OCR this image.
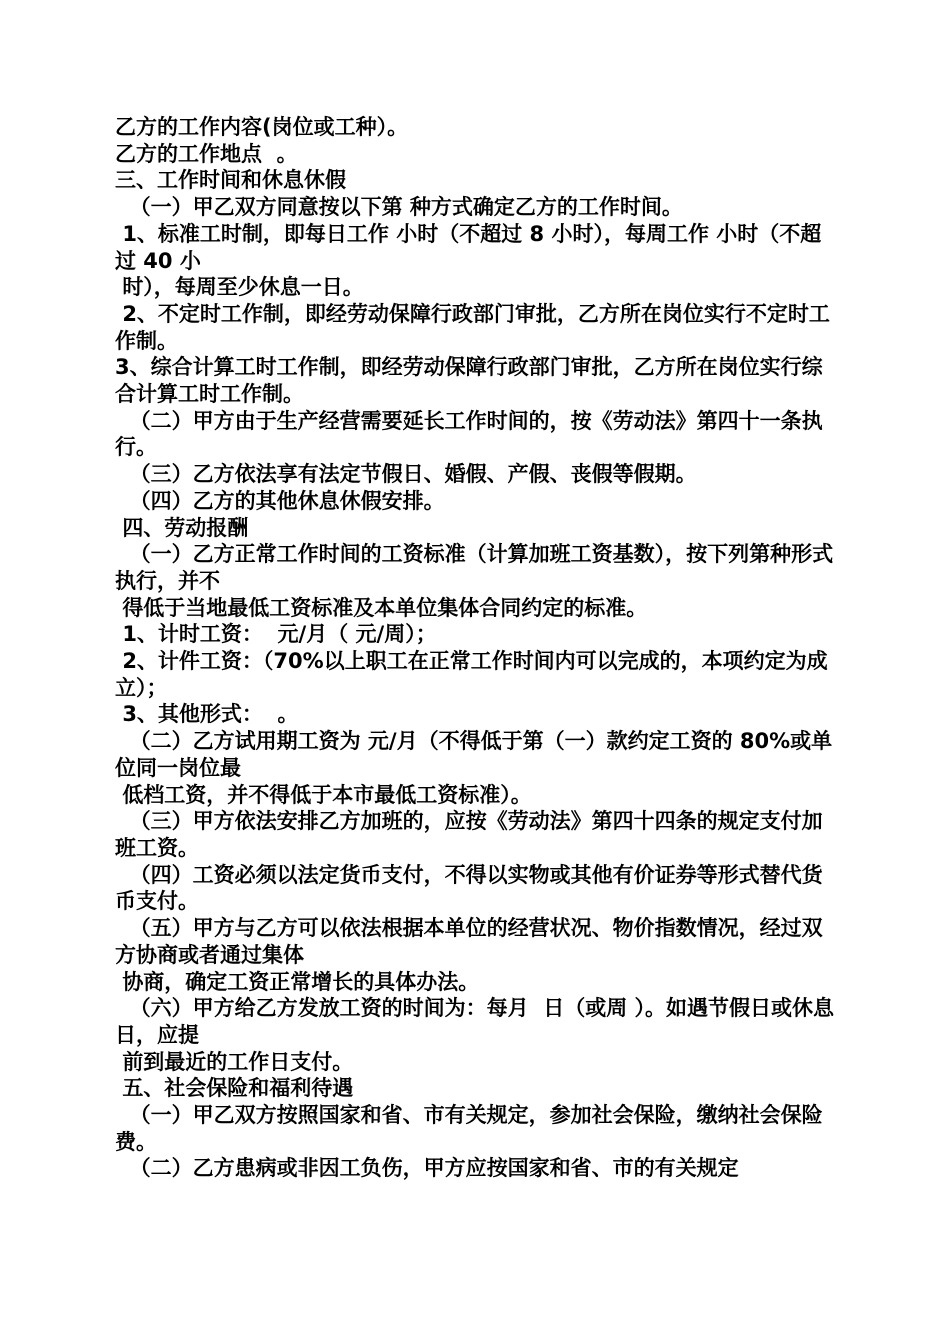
乙方的工作内容(岗位或工种）。

乙方的工作地点  。

三、工作时间和休息休假

（一）甲乙双方同意按以下第 种方式确定乙方的工作时间。

1、标准工时制，即每日工作 小时（不超过 8 小时），每周工作 小时（不超过 40 小

时），每周至少休息一日。

2、不定时工作制，即经劳动保障行政部门审批，乙方所在岗位实行不定时工作制。

3、综合计算工时工作制，即经劳动保障行政部门审批，乙方所在岗位实行综合计算工时工作制。

（二）甲方由于生产经营需要延长工作时间的，按《劳动法》第四十一条执行。

（三）乙方依法享有法定节假日、婚假、产假、丧假等假期。

（四）乙方的其他休息休假安排。

四、劳动报酬

（一）乙方正常工作时间的工资标准（计算加班工资基数），按下列第种形式执行，并不

得低于当地最低工资标准及本单位集体合同约定的标准。

1、计时工资：  元/月（ 元/周）；

2、计件工资：（70%以上职工在正常工作时间内可以完成的，本项约定为成立）；

3、其他形式：  。

（二）乙方试用期工资为 元/月（不得低于第（一）款约定工资的 80%或单位同一岗位最

低档工资，并不得低于本市最低工资标准）。

（三）甲方依法安排乙方加班的，应按《劳动法》第四十四条的规定支付加班工资。

（四）工资必须以法定货币支付，不得以实物或其他有价证券等形式替代货币支付。

（五）甲方与乙方可以依法根据本单位的经营状况、物价指数情况，经过双方协商或者通过集体

协商，确定工资正常增长的具体办法。

（六）甲方给乙方发放工资的时间为：每月  日（或周 ）。如遇节假日或休息日，应提

前到最近的工作日支付。

五、社会保险和福利待遇

（一）甲乙双方按照国家和省、市有关规定，参加社会保险，缴纳社会保险费。

（二）乙方患病或非因工负伤，甲方应按国家和省、市的有关规定
